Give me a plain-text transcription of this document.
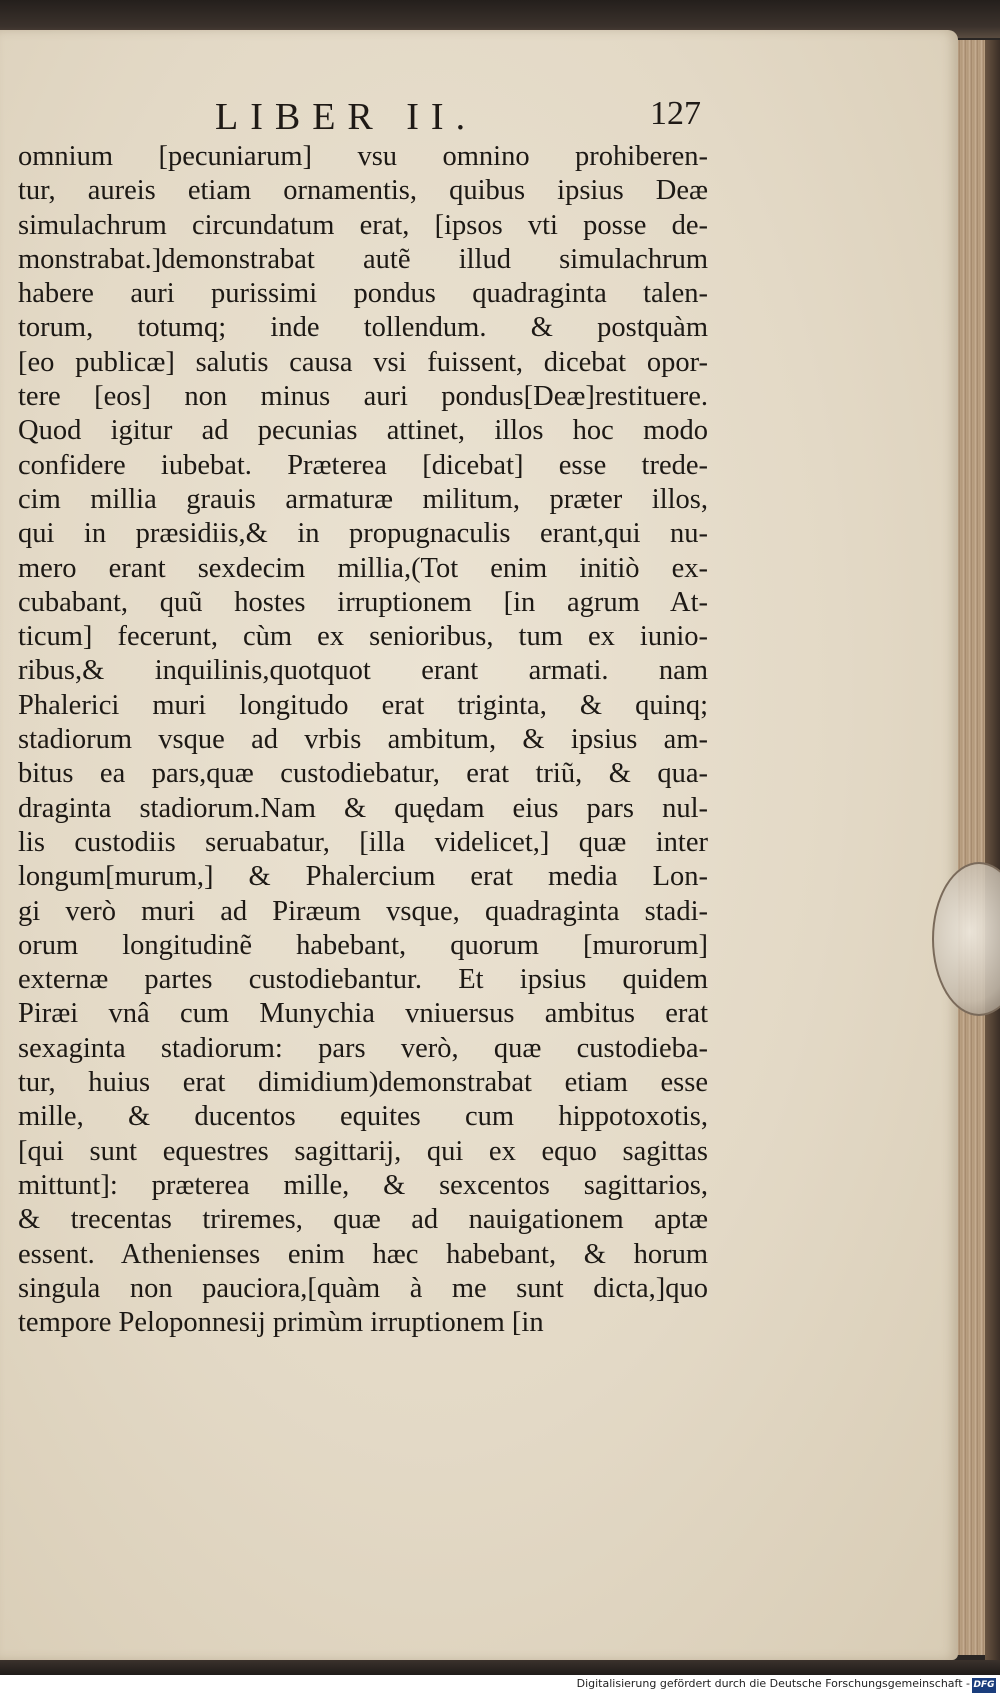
LIBER II.	127
omnium [pecuniarum] vsu omnino prohiberen-
tur, aureis etiam ornamentis, quibus ipsius Deæ
simulachrum circundatum erat, [ipsos vti posse de-
monstrabat.]demonstrabat autẽ illud simulachrum
habere auri purissimi pondus quadraginta talen-
torum, totumq; inde tollendum. & postquàm
[eo publicæ] salutis causa vsi fuissent, dicebat opor-
tere [eos] non minus auri pondus[Deæ]restituere.
Quod igitur ad pecunias attinet, illos hoc modo
confidere iubebat. Præterea [dicebat] esse trede-
cim millia grauis armaturæ militum, præter illos,
qui in præsidiis,& in propugnaculis erant,qui nu-
mero erant sexdecim millia,(Tot enim initiò ex-
cubabant, quũ hostes irruptionem [in agrum At-
ticum] fecerunt, cùm ex senioribus, tum ex iunio-
ribus,& inquilinis,quotquot erant armati. nam
Phalerici muri longitudo erat triginta, & quinq;
stadiorum vsque ad vrbis ambitum, & ipsius am-
bitus ea pars,quæ custodiebatur, erat triũ, & qua-
draginta stadiorum.Nam & quędam eius pars nul-
lis custodiis seruabatur, [illa videlicet,] quæ inter
longum[murum,] & Phalercium erat media Lon-
gi verò muri ad Piræum vsque, quadraginta stadi-
orum longitudinẽ habebant, quorum [murorum]
externæ partes custodiebantur. Et ipsius quidem
Piræi vnâ cum Munychia vniuersus ambitus erat
sexaginta stadiorum: pars verò, quæ custodieba-
tur, huius erat dimidium)demonstrabat etiam esse
mille, & ducentos equites cum hippotoxotis,
[qui sunt equestres sagittarij, qui ex equo sagittas
mittunt]: præterea mille, & sexcentos sagittarios,
& trecentas triremes, quæ ad nauigationem aptæ
essent. Athenienses enim hæc habebant, & horum
singula non pauciora,[quàm à me sunt dicta,]quo
tempore Peloponnesij primùm irruptionem [in
Digitalisierung gefördert durch die Deutsche Forschungsgemeinschaft - DFG
